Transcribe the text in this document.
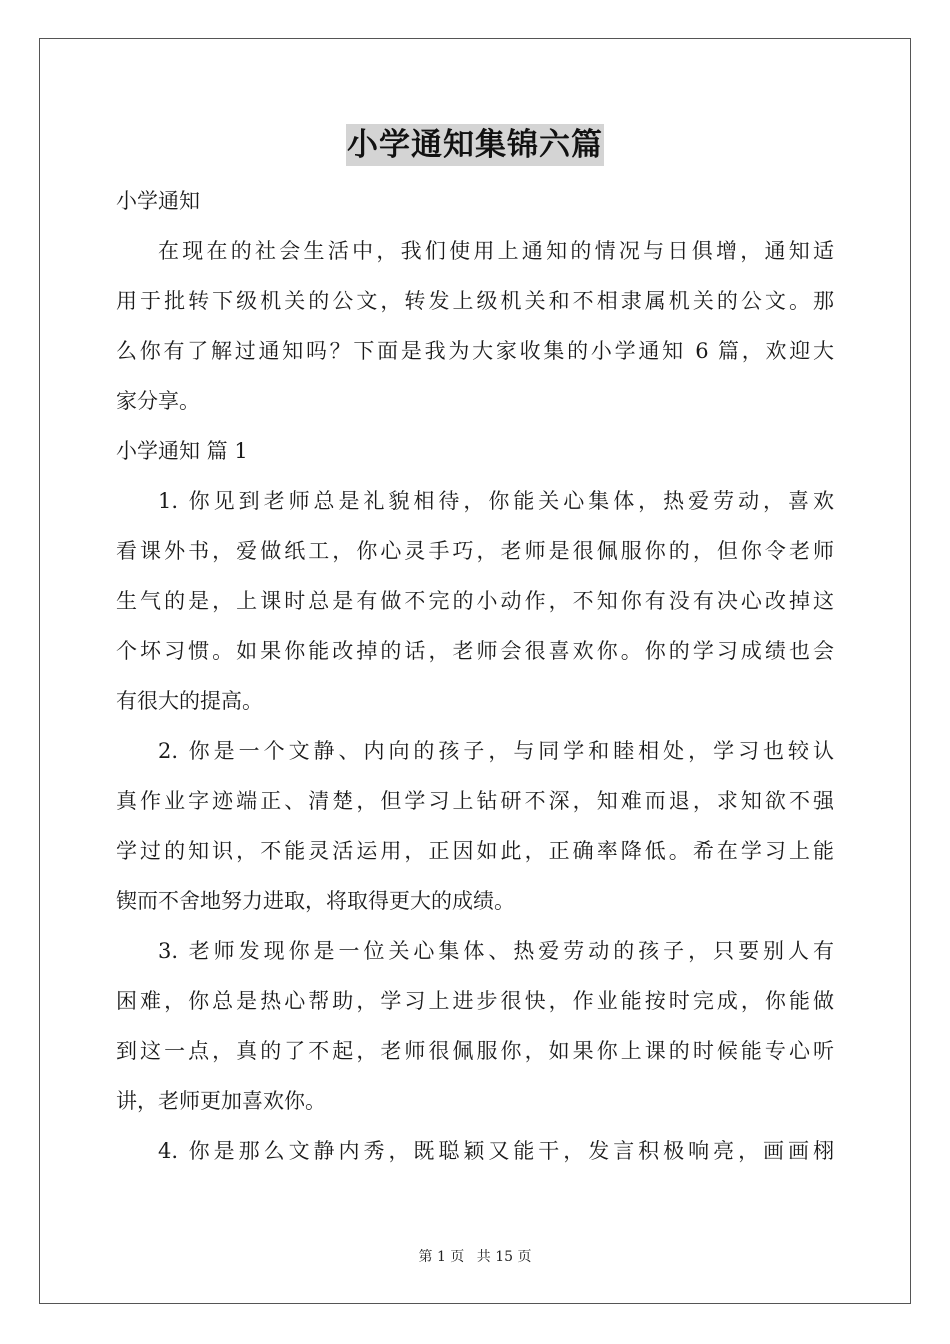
小学通知集锦六篇
小学通知
在现在的社会生活中，我们使用上通知的情况与日俱增，通知适
用于批转下级机关的公文，转发上级机关和不相隶属机关的公文。那
么你有了解过通知吗？下面是我为大家收集的小学通知 6 篇，欢迎大
家分享。
小学通知 篇 1
1. 你见到老师总是礼貌相待，你能关心集体，热爱劳动，喜欢
看课外书，爱做纸工，你心灵手巧，老师是很佩服你的，但你令老师
生气的是，上课时总是有做不完的小动作，不知你有没有决心改掉这
个坏习惯。如果你能改掉的话，老师会很喜欢你。你的学习成绩也会
有很大的提高。
2. 你是一个文静、内向的孩子，与同学和睦相处，学习也较认
真作业字迹端正、清楚，但学习上钻研不深，知难而退，求知欲不强
学过的知识，不能灵活运用，正因如此，正确率降低。希在学习上能
锲而不舍地努力进取，将取得更大的成绩。
3. 老师发现你是一位关心集体、热爱劳动的孩子，只要别人有
困难，你总是热心帮助，学习上进步很快，作业能按时完成，你能做
到这一点，真的了不起，老师很佩服你，如果你上课的时候能专心听
讲，老师更加喜欢你。
4. 你是那么文静内秀，既聪颖又能干，发言积极响亮，画画栩
第 1 页 共 15 页
